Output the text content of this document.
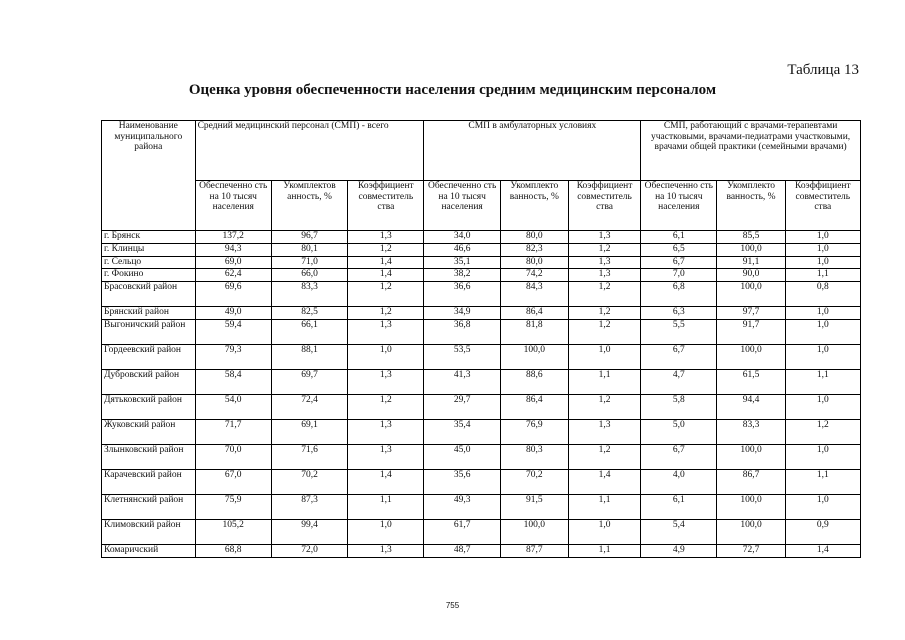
Таблица 13
Оценка уровня обеспеченности населения средним медицинским персоналом
Наименование муниципального района	Средний медицинский персонал (СМП) - всего			СМП в амбулаторных условиях			СМП, работающий с врачами-терапевтами участковыми, врачами-педиатрами участковыми, врачами общей практики (семейными врачами)		
	Обеспеченно сть на 10 тысяч населения	Укомплектов анность, %	Коэффициент совместитель ства	Обеспеченно сть на 10 тысяч населения	Укомплекто ванность, %	Коэффициент совместитель ства	Обеспеченно сть на 10 тысяч населения	Укомплекто ванность, %	Коэффициент совместитель ства
г. Брянск	137,2	96,7	1,3	34,0	80,0	1,3	6,1	85,5	1,0
г. Клинцы	94,3	80,1	1,2	46,6	82,3	1,2	6,5	100,0	1,0
г. Сельцо	69,0	71,0	1,4	35,1	80,0	1,3	6,7	91,1	1,0
г. Фокино	62,4	66,0	1,4	38,2	74,2	1,3	7,0	90,0	1,1
Брасовский район	69,6	83,3	1,2	36,6	84,3	1,2	6,8	100,0	0,8
Брянский район	49,0	82,5	1,2	34,9	86,4	1,2	6,3	97,7	1,0
Выгоничский район	59,4	66,1	1,3	36,8	81,8	1,2	5,5	91,7	1,0
Гордеевский район	79,3	88,1	1,0	53,5	100,0	1,0	6,7	100,0	1,0
Дубровский район	58,4	69,7	1,3	41,3	88,6	1,1	4,7	61,5	1,1
Дятьковский район	54,0	72,4	1,2	29,7	86,4	1,2	5,8	94,4	1,0
Жуковский район	71,7	69,1	1,3	35,4	76,9	1,3	5,0	83,3	1,2
Злынковский район	70,0	71,6	1,3	45,0	80,3	1,2	6,7	100,0	1,0
Карачевский район	67,0	70,2	1,4	35,6	70,2	1,4	4,0	86,7	1,1
Клетнянский район	75,9	87,3	1,1	49,3	91,5	1,1	6,1	100,0	1,0
Климовский район	105,2	99,4	1,0	61,7	100,0	1,0	5,4	100,0	0,9
Комаричский	68,8	72,0	1,3	48,7	87,7	1,1	4,9	72,7	1,4
755
